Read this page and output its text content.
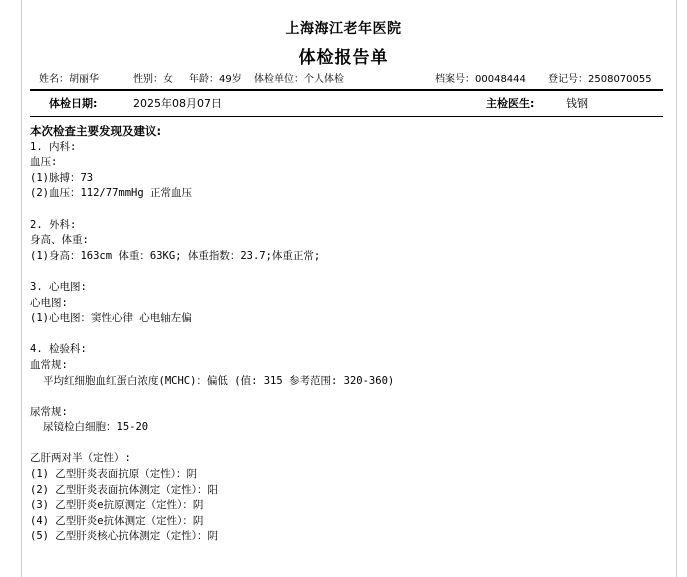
上海海江老年医院
体检报告单
姓名：胡丽华	性别：女 年龄：49岁 体检单位：个人体检	档案号：00048444 登记号：2508070055
体检日期:	2025年08月07日	主检医生:	钱钢
本次检查主要发现及建议:
1. 内科:
血压:
(1)脉搏：73
(2)血压：112/77mmHg 正常血压
2. 外科:
身高、体重:
(1)身高：163cm 体重：63KG; 体重指数：23.7;体重正常;
3. 心电图:
心电图:
(1)心电图：窦性心律 心电轴左偏
4. 检验科:
血常规:
平均红细胞血红蛋白浓度(MCHC)：偏低 (值: 315 参考范围: 320-360)
尿常规:
尿镜检白细胞：15-20
乙肝两对半（定性）:
(1) 乙型肝炎表面抗原（定性）：阴
(2) 乙型肝炎表面抗体测定（定性）：阳
(3) 乙型肝炎e抗原测定（定性）：阴
(4) 乙型肝炎e抗体测定（定性）：阴
(5) 乙型肝炎核心抗体测定（定性）：阴
